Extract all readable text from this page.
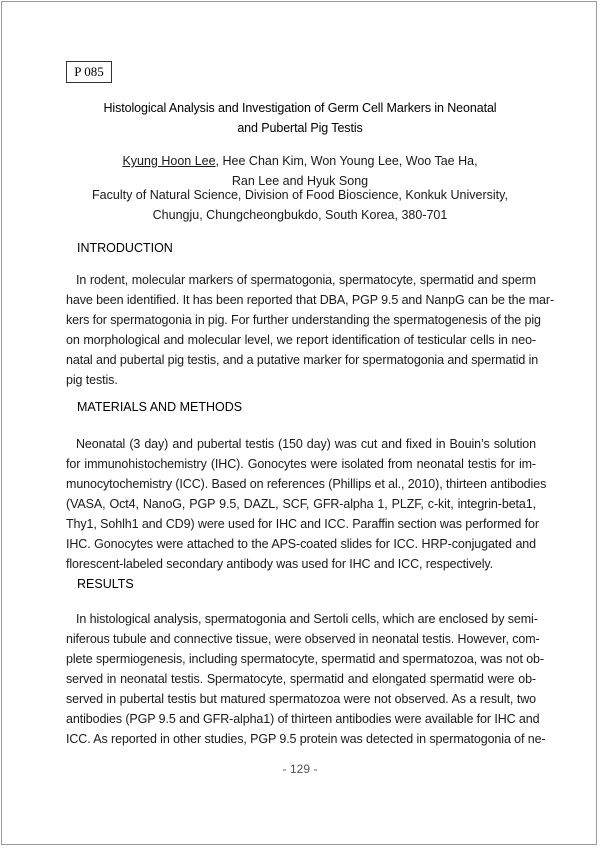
P 085
Histological Analysis and Investigation of Germ Cell Markers in Neonatal
and Pubertal Pig Testis
Kyung Hoon Lee, Hee Chan Kim, Won Young Lee, Woo Tae Ha,
Ran Lee and Hyuk Song
Faculty of Natural Science, Division of Food Bioscience, Konkuk University,
Chungju, Chungcheongbukdo, South Korea, 380-701
INTRODUCTION
In rodent, molecular markers of spermatogonia, spermatocyte, spermatid and sperm
have been identified. It has been reported that DBA, PGP 9.5 and NanpG can be the mar-
kers for spermatogonia in pig. For further understanding the spermatogenesis of the pig
on morphological and molecular level, we report identification of testicular cells in neo-
natal and pubertal pig testis, and a putative marker for spermatogonia and spermatid in
pig testis.
MATERIALS AND METHODS
Neonatal (3 day) and pubertal testis (150 day) was cut and fixed in Bouin’s solution
for immunohistochemistry (IHC). Gonocytes were isolated from neonatal testis for im-
munocytochemistry (ICC). Based on references (Phillips et al., 2010), thirteen antibodies
(VASA, Oct4, NanoG, PGP 9.5, DAZL, SCF, GFR-alpha 1, PLZF, c-kit, integrin-beta1,
Thy1, Sohlh1 and CD9) were used for IHC and ICC. Paraffin section was performed for
IHC. Gonocytes were attached to the APS-coated slides for ICC. HRP-conjugated and
florescent-labeled secondary antibody was used for IHC and ICC, respectively.
RESULTS
In histological analysis, spermatogonia and Sertoli cells, which are enclosed by semi-
niferous tubule and connective tissue, were observed in neonatal testis. However, com-
plete spermiogenesis, including spermatocyte, spermatid and spermatozoa, was not ob-
served in neonatal testis. Spermatocyte, spermatid and elongated spermatid were ob-
served in pubertal testis but matured spermatozoa were not observed. As a result, two
antibodies (PGP 9.5 and GFR-alpha1) of thirteen antibodies were available for IHC and
ICC. As reported in other studies, PGP 9.5 protein was detected in spermatogonia of ne-
- 129 -
